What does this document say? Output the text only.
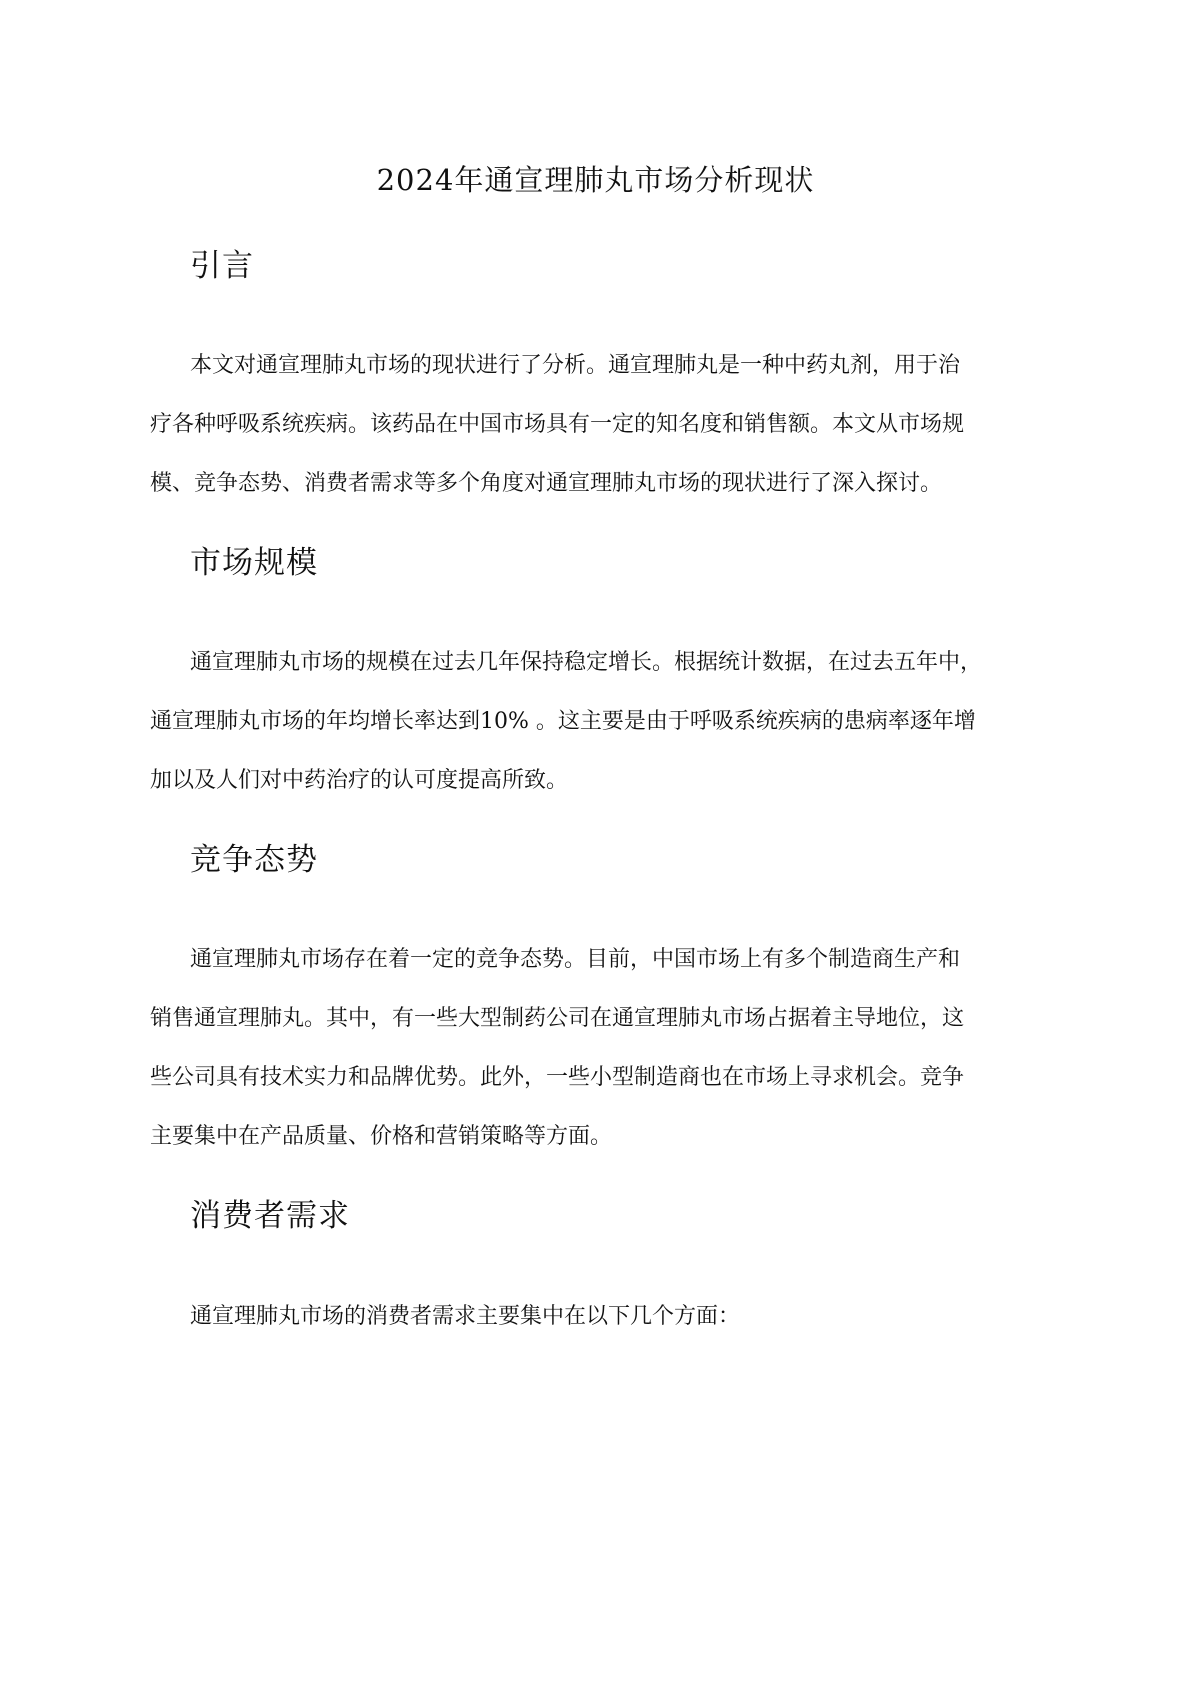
2024年通宣理肺丸市场分析现状
引言
本文对通宣理肺丸市场的现状进行了分析。通宣理肺丸是一种中药丸剂，用于治
疗各种呼吸系统疾病。该药品在中国市场具有一定的知名度和销售额。本文从市场规
模、竞争态势、消费者需求等多个角度对通宣理肺丸市场的现状进行了深入探讨。
市场规模
通宣理肺丸市场的规模在过去几年保持稳定增长。根据统计数据，在过去五年中，
通宣理肺丸市场的年均增长率达到10% 。这主要是由于呼吸系统疾病的患病率逐年增
加以及人们对中药治疗的认可度提高所致。
竞争态势
通宣理肺丸市场存在着一定的竞争态势。目前，中国市场上有多个制造商生产和
销售通宣理肺丸。其中，有一些大型制药公司在通宣理肺丸市场占据着主导地位，这
些公司具有技术实力和品牌优势。此外，一些小型制造商也在市场上寻求机会。竞争
主要集中在产品质量、价格和营销策略等方面。
消费者需求
通宣理肺丸市场的消费者需求主要集中在以下几个方面：
